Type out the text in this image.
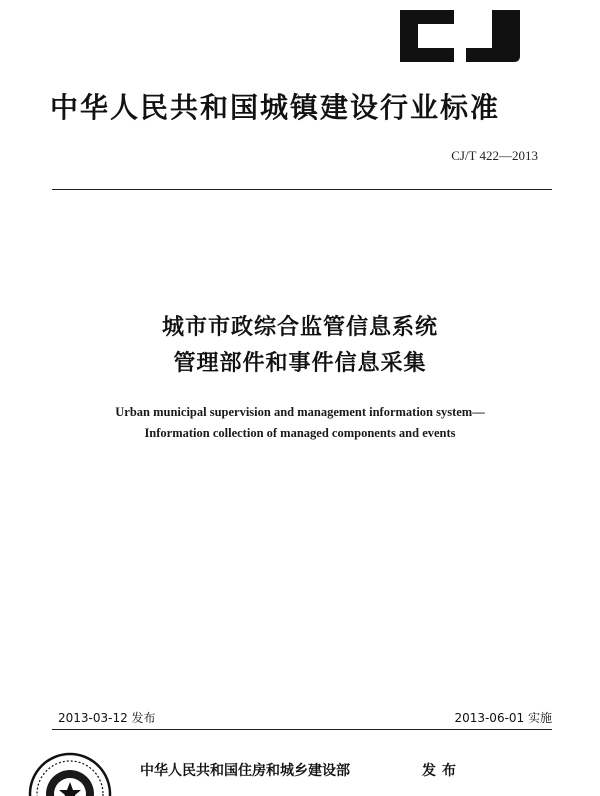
中华人民共和国城镇建设行业标准
CJ/T 422—2013
城市市政综合监管信息系统
管理部件和事件信息采集
Urban municipal supervision and management information system—
Information collection of managed components and events
2013-03-12 发布	2013-06-01 实施
中华人民共和国住房和城乡建设部	发布
